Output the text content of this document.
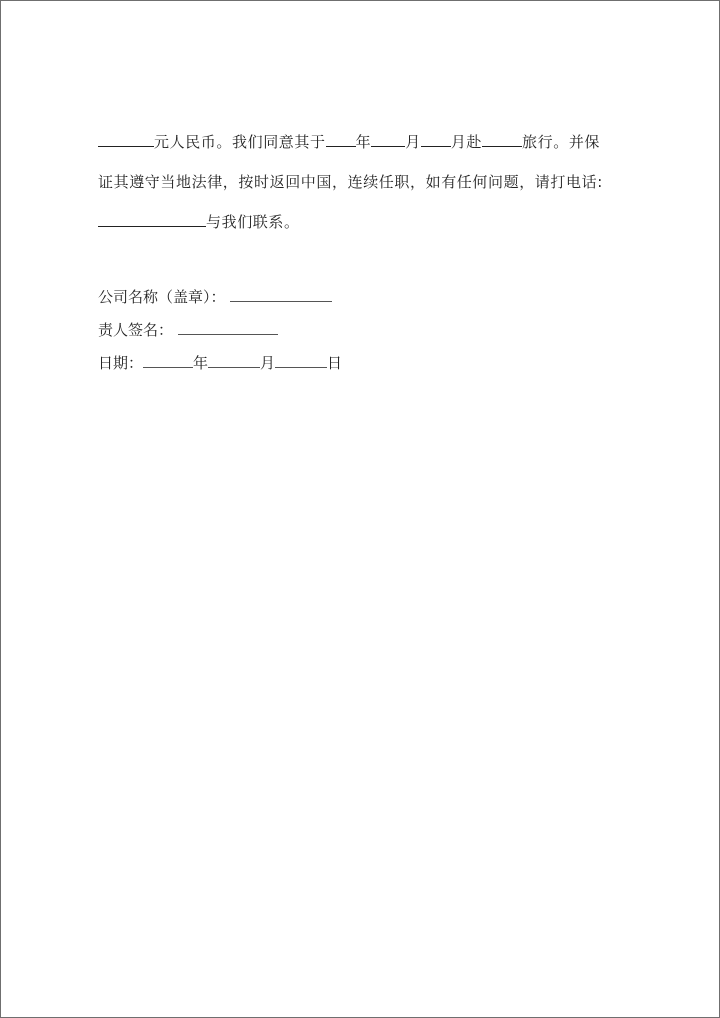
元人民币。我们同意其于 年 月 月赴	旅行。并保
证其遵守当地法律，按时返回中国，连续任职，如有任何问题，请打电话:
与我们联系。
公司名称（盖章）：
责人签名：
日期：	年	月	日
